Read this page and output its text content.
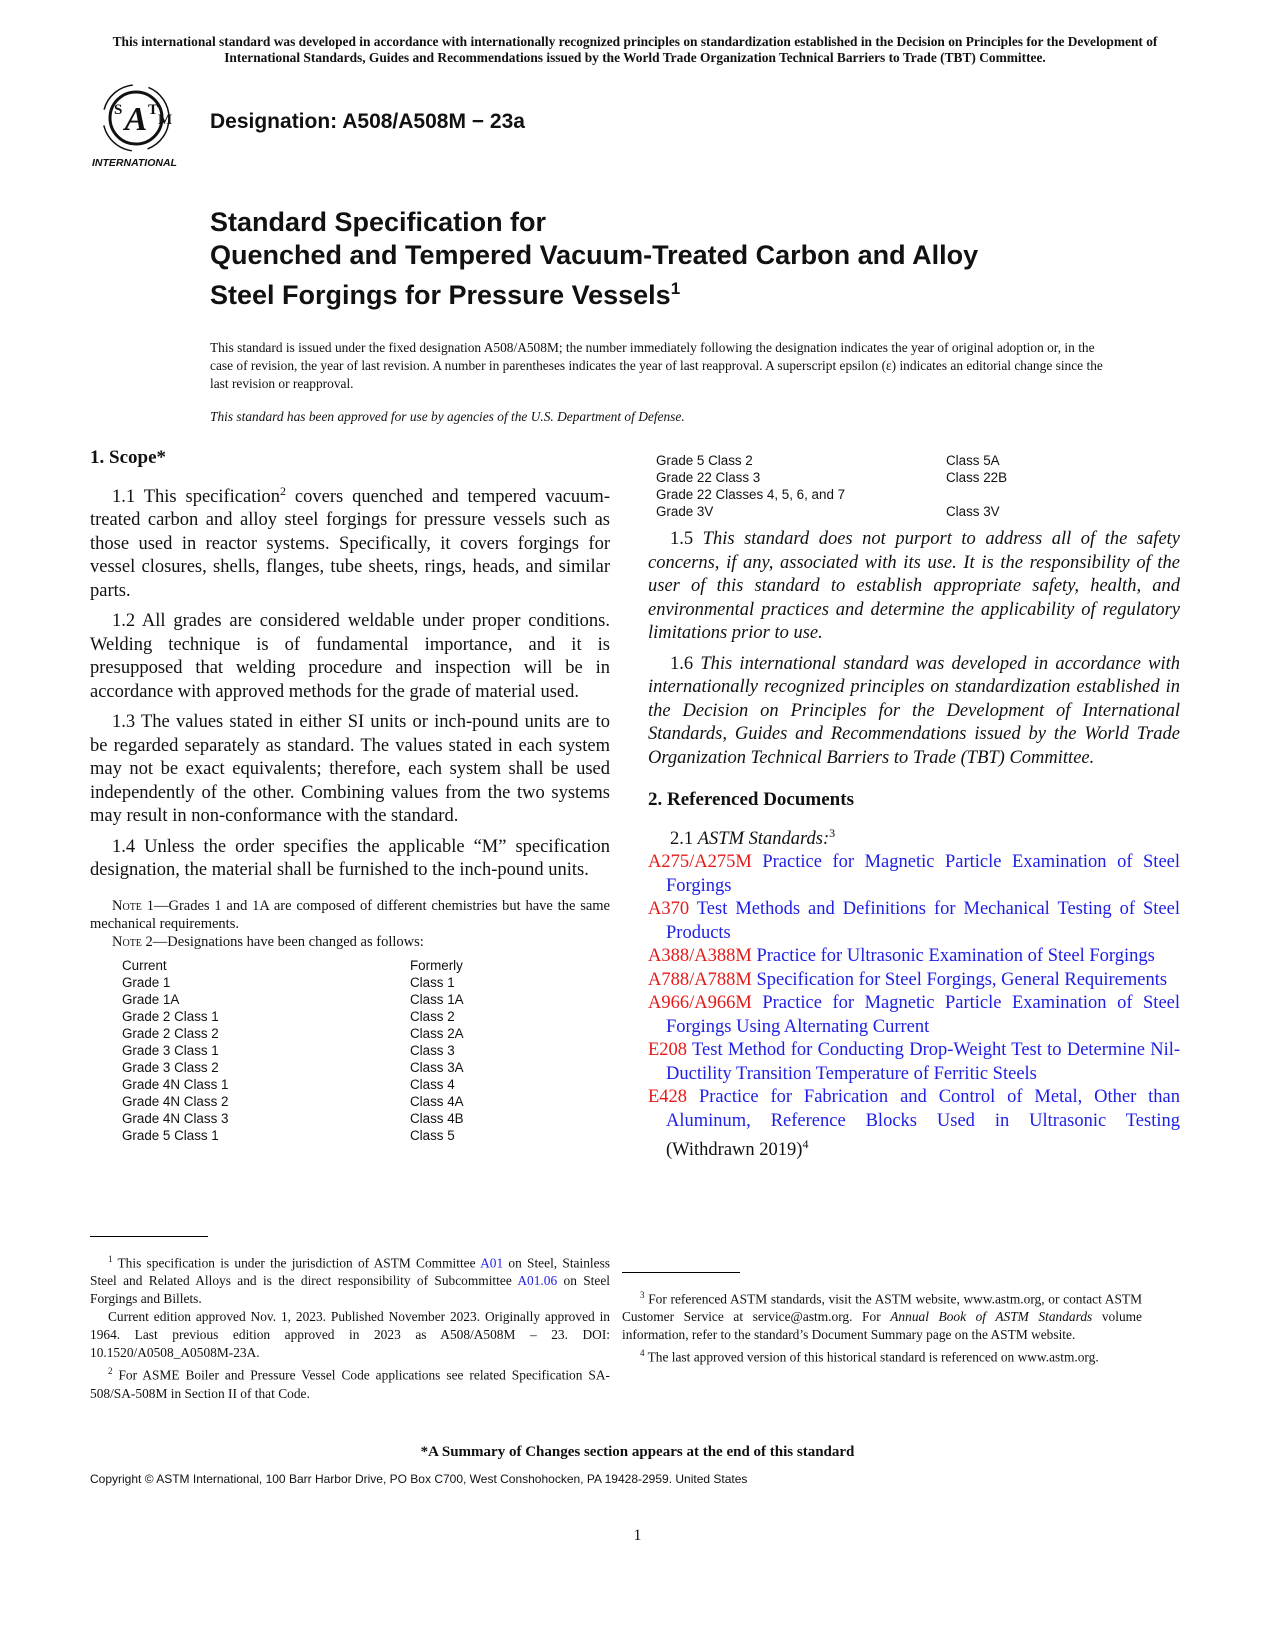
This international standard was developed in accordance with internationally recognized principles on standardization established in the Decision on Principles for the Development of International Standards, Guides and Recommendations issued by the World Trade Organization Technical Barriers to Trade (TBT) Committee.
A
S T
M
INTERNATIONAL
Designation: A508/A508M − 23a
Standard Specification for
Quenched and Tempered Vacuum-Treated Carbon and Alloy
Steel Forgings for Pressure Vessels$^1$
This standard is issued under the fixed designation A508/A508M; the number immediately following the designation indicates the year of original adoption or, in the case of revision, the year of last revision. A number in parentheses indicates the year of last reapproval. A superscript epsilon (ε) indicates an editorial change since the last revision or reapproval.
This standard has been approved for use by agencies of the U.S. Department of Defense.
1. Scope*

1.1 This specification$^2$ covers quenched and tempered vacuum-treated carbon and alloy steel forgings for pressure vessels such as those used in reactor systems. Specifically, it covers forgings for vessel closures, shells, flanges, tube sheets, rings, heads, and similar parts.

1.2 All grades are considered weldable under proper conditions. Welding technique is of fundamental importance, and it is presupposed that welding procedure and inspection will be in accordance with approved methods for the grade of material used.

1.3 The values stated in either SI units or inch-pound units are to be regarded separately as standard. The values stated in each system may not be exact equivalents; therefore, each system shall be used independently of the other. Combining values from the two systems may result in non-conformance with the standard.

1.4 Unless the order specifies the applicable “M” specification designation, the material shall be furnished to the inch-pound units.

Note 1—Grades 1 and 1A are composed of different chemistries but have the same mechanical requirements.

Note 2—Designations have been changed as follows:

Current	Formerly
Grade 1	Class 1
Grade 1A	Class 1A
Grade 2 Class 1	Class 2
Grade 2 Class 2	Class 2A
Grade 3 Class 1	Class 3
Grade 3 Class 2	Class 3A
Grade 4N Class 1	Class 4
Grade 4N Class 2	Class 4A
Grade 4N Class 3	Class 4B
Grade 5 Class 1	Class 5
Grade 5 Class 2	Class 5A
Grade 22 Class 3	Class 22B
Grade 22 Classes 4, 5, 6, and 7	
Grade 3V	Class 3V

1.5 This standard does not purport to address all of the safety concerns, if any, associated with its use. It is the responsibility of the user of this standard to establish appropriate safety, health, and environmental practices and determine the applicability of regulatory limitations prior to use.

1.6 This international standard was developed in accordance with internationally recognized principles on standardization established in the Decision on Principles for the Development of International Standards, Guides and Recommendations issued by the World Trade Organization Technical Barriers to Trade (TBT) Committee.

2. Referenced Documents

2.1 ASTM Standards:$^3$

A275/A275M Practice for Magnetic Particle Examination of Steel Forgings

A370 Test Methods and Definitions for Mechanical Testing of Steel Products

A388/A388M Practice for Ultrasonic Examination of Steel Forgings

A788/A788M Specification for Steel Forgings, General Requirements

A966/A966M Practice for Magnetic Particle Examination of Steel Forgings Using Alternating Current

E208 Test Method for Conducting Drop-Weight Test to Determine Nil-Ductility Transition Temperature of Ferritic Steels

E428 Practice for Fabrication and Control of Metal, Other than Aluminum, Reference Blocks Used in Ultrasonic Testing (Withdrawn 2019)$^4$

$^1$ This specification is under the jurisdiction of ASTM Committee A01 on Steel, Stainless Steel and Related Alloys and is the direct responsibility of Subcommittee A01.06 on Steel Forgings and Billets.

Current edition approved Nov. 1, 2023. Published November 2023. Originally approved in 1964. Last previous edition approved in 2023 as A508/A508M – 23. DOI: 10.1520/A0508_A0508M-23A.

$^2$ For ASME Boiler and Pressure Vessel Code applications see related Specification SA-508/SA-508M in Section II of that Code.

$^3$ For referenced ASTM standards, visit the ASTM website, www.astm.org, or contact ASTM Customer Service at service@astm.org. For Annual Book of ASTM Standards volume information, refer to the standard’s Document Summary page on the ASTM website.

$^4$ The last approved version of this historical standard is referenced on www.astm.org.

*A Summary of Changes section appears at the end of this standard
Copyright © ASTM International, 100 Barr Harbor Drive, PO Box C700, West Conshohocken, PA 19428-2959. United States
1
